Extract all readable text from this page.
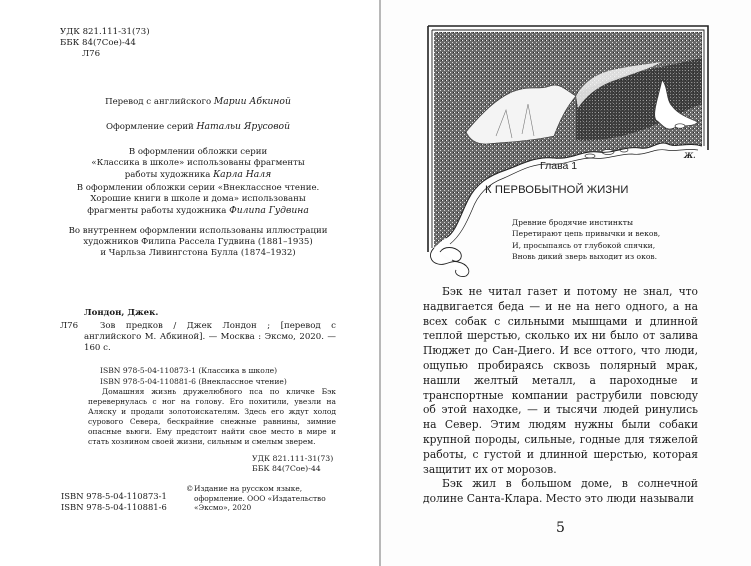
УДК 821.111-31(73)
ББК 84(7Сое)-44
Л76
Перевод с английского Марии Абкиной
Оформление серий Натальи Ярусовой
В оформлении обложки серии
«Классика в школе» использованы фрагменты
работы художника Карла Наля
В оформлении обложки серии «Внеклассное чтение.
Хорошие книги в школе и дома» использованы
фрагменты работы художника Филипа Гудвина
Во внутреннем оформлении использованы иллюстрации
художников Филипа Рассела Гудвина (1881–1935)
и Чарльза Ливингстона Булла (1874–1932)
Лондон, Джек.
Л76	Зов предков / Джек Лондон ; [перевод с английского М. Абкиной]. — Москва : Эксмо, 2020. — 160 с.
ISBN 978-5-04-110873-1 (Классика в школе)
ISBN 978-5-04-110881-6 (Внеклассное чтение)
Домашняя жизнь дружелюбного пса по кличке Бэк перевернулась с ног на голову. Его похитили, увезли на Аляску и продали золотоискателям. Здесь его ждут холод сурового Севера, бескрайние снежные равнины, зимние опасные вьюги. Ему предстоит найти свое место в мире и стать хозяином своей жизни, сильным и смелым зверем.
УДК 821.111-31(73)
ББК 84(7Сое)-44
ISBN 978-5-04-110873-1
ISBN 978-5-04-110881-6
© Издание на русском языке, оформление. ООО «Издательство «Эксмо», 2020
Ж.
Глава 1
К ПЕРВОБЫТНОЙ ЖИЗНИ
Древние бродячие инстинкты
Перетирают цепь привычки и веков,
И, просыпаясь от глубокой спячки,
Вновь дикий зверь выходит из оков.

Бэк не читал газет и потому не знал, что надвигается беда — и не на него одного, а на всех собак с сильными мышцами и длинной теплой шерстью, сколько их ни было от залива Пюджет до Сан-Диего. И все оттого, что люди, ощупью пробираясь сквозь полярный мрак, нашли желтый металл, а пароходные и транспортные компании раструбили повсюду об этой находке, — и тысячи людей ринулись на Север. Этим людям нужны были собаки крупной породы, сильные, годные для тяжелой работы, с густой и длинной шерстью, которая защитит их от морозов.

Бэк жил в большом доме, в солнечной долине Санта-Клара. Место это люди называли

5
